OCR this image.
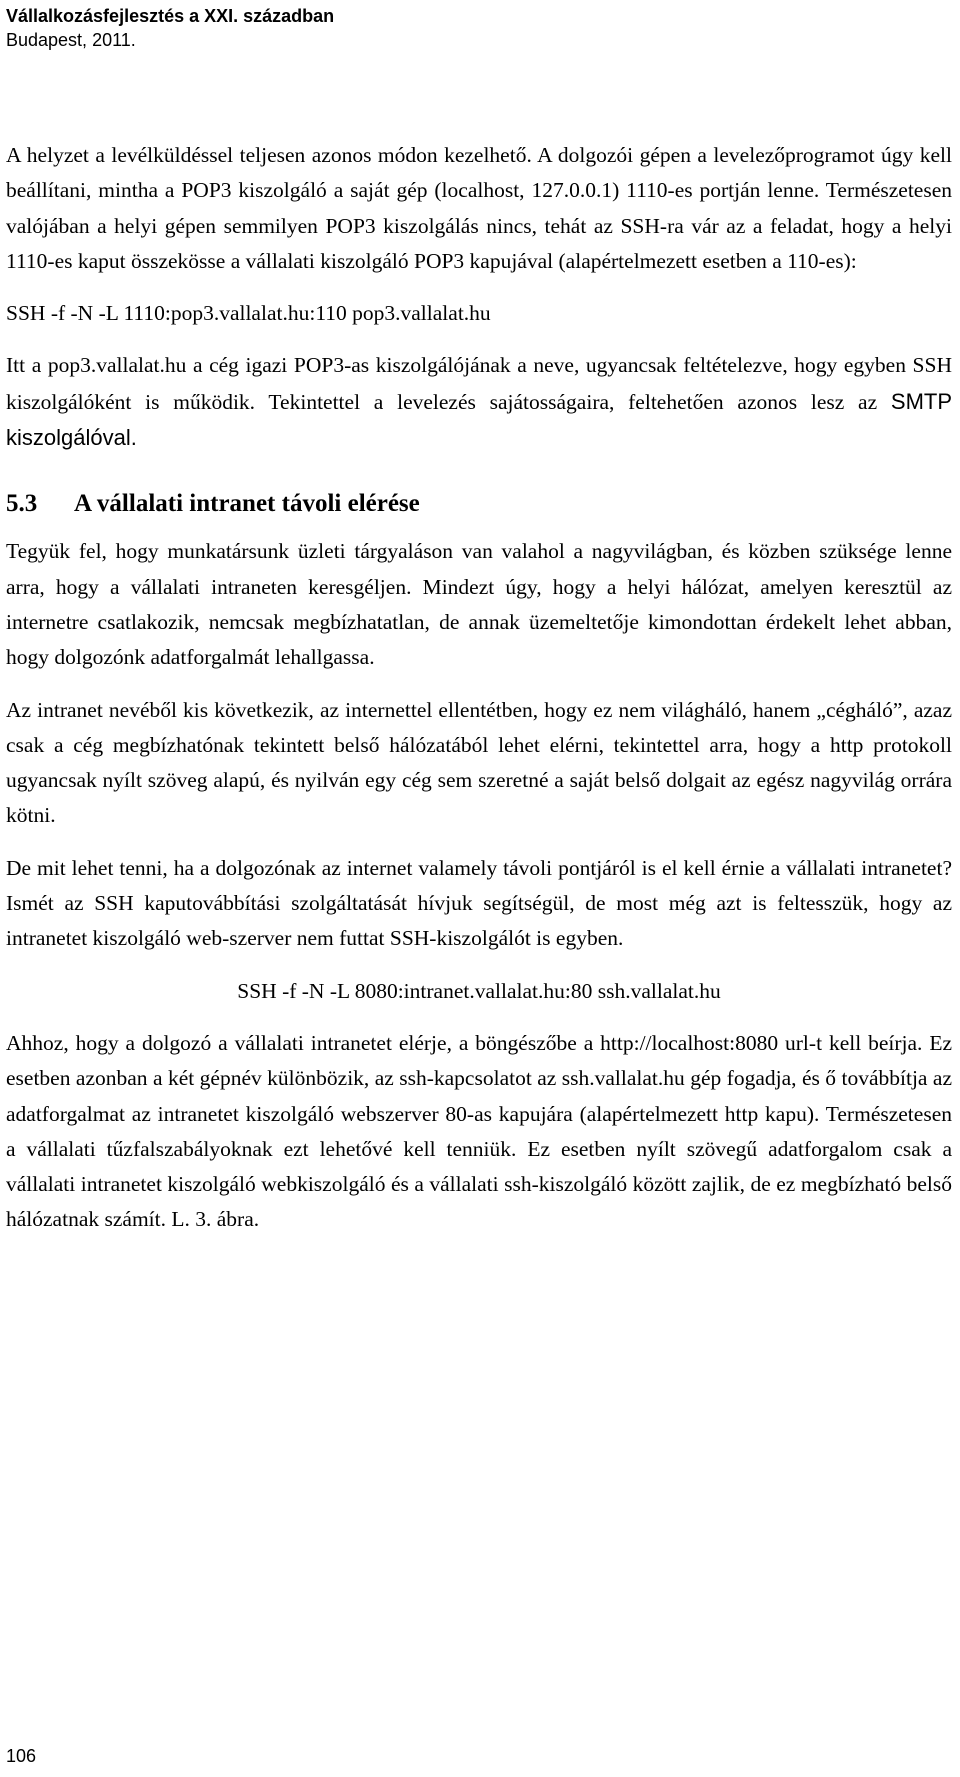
Vállalkozásfejlesztés a XXI. században
Budapest, 2011.

A helyzet a levélküldéssel teljesen azonos módon kezelhető. A dolgozói gépen a levelezőprogramot úgy kell beállítani, mintha a POP3 kiszolgáló a saját gép (localhost, 127.0.0.1) 1110-es portján lenne. Természetesen valójában a helyi gépen semmilyen POP3 kiszolgálás nincs, tehát az SSH-ra vár az a feladat, hogy a helyi 1110-es kaput összekösse a vállalati kiszolgáló POP3 kapujával (alapértelmezett esetben a 110-es):

SSH -f -N -L 1110:pop3.vallalat.hu:110 pop3.vallalat.hu

Itt a pop3.vallalat.hu a cég igazi POP3-as kiszolgálójának a neve, ugyancsak feltételezve, hogy egyben SSH kiszolgálóként is működik. Tekintettel a levelezés sajátosságaira, feltehetően azonos lesz az SMTP kiszolgálóval.

5.3 A vállalati intranet távoli elérése

Tegyük fel, hogy munkatársunk üzleti tárgyaláson van valahol a nagyvilágban, és közben szüksége lenne arra, hogy a vállalati intraneten keresgéljen. Mindezt úgy, hogy a helyi hálózat, amelyen keresztül az internetre csatlakozik, nemcsak megbízhatatlan, de annak üzemeltetője kimondottan érdekelt lehet abban, hogy dolgozónk adatforgalmát lehallgassa.

Az intranet nevéből kis következik, az internettel ellentétben, hogy ez nem világháló, hanem „cégháló”, azaz csak a cég megbízhatónak tekintett belső hálózatából lehet elérni, tekintettel arra, hogy a http protokoll ugyancsak nyílt szöveg alapú, és nyilván egy cég sem szeretné a saját belső dolgait az egész nagyvilág orrára kötni.

De mit lehet tenni, ha a dolgozónak az internet valamely távoli pontjáról is el kell érnie a vállalati intranetet? Ismét az SSH kaputovábbítási szolgáltatását hívjuk segítségül, de most még azt is feltesszük, hogy az intranetet kiszolgáló web-szerver nem futtat SSH-kiszolgálót is egyben.

SSH -f -N -L 8080:intranet.vallalat.hu:80 ssh.vallalat.hu

Ahhoz, hogy a dolgozó a vállalati intranetet elérje, a böngészőbe a http://localhost:8080 url-t kell beírja. Ez esetben azonban a két gépnév különbözik, az ssh-kapcsolatot az ssh.vallalat.hu gép fogadja, és ő továbbítja az adatforgalmat az intranetet kiszolgáló webszerver 80-as kapujára (alapértelmezett http kapu). Természetesen a vállalati tűzfalszabályoknak ezt lehetővé kell tenniük. Ez esetben nyílt szövegű adatforgalom csak a vállalati intranetet kiszolgáló webkiszolgáló és a vállalati ssh-kiszolgáló között zajlik, de ez megbízható belső hálózatnak számít. L. 3. ábra.

106
